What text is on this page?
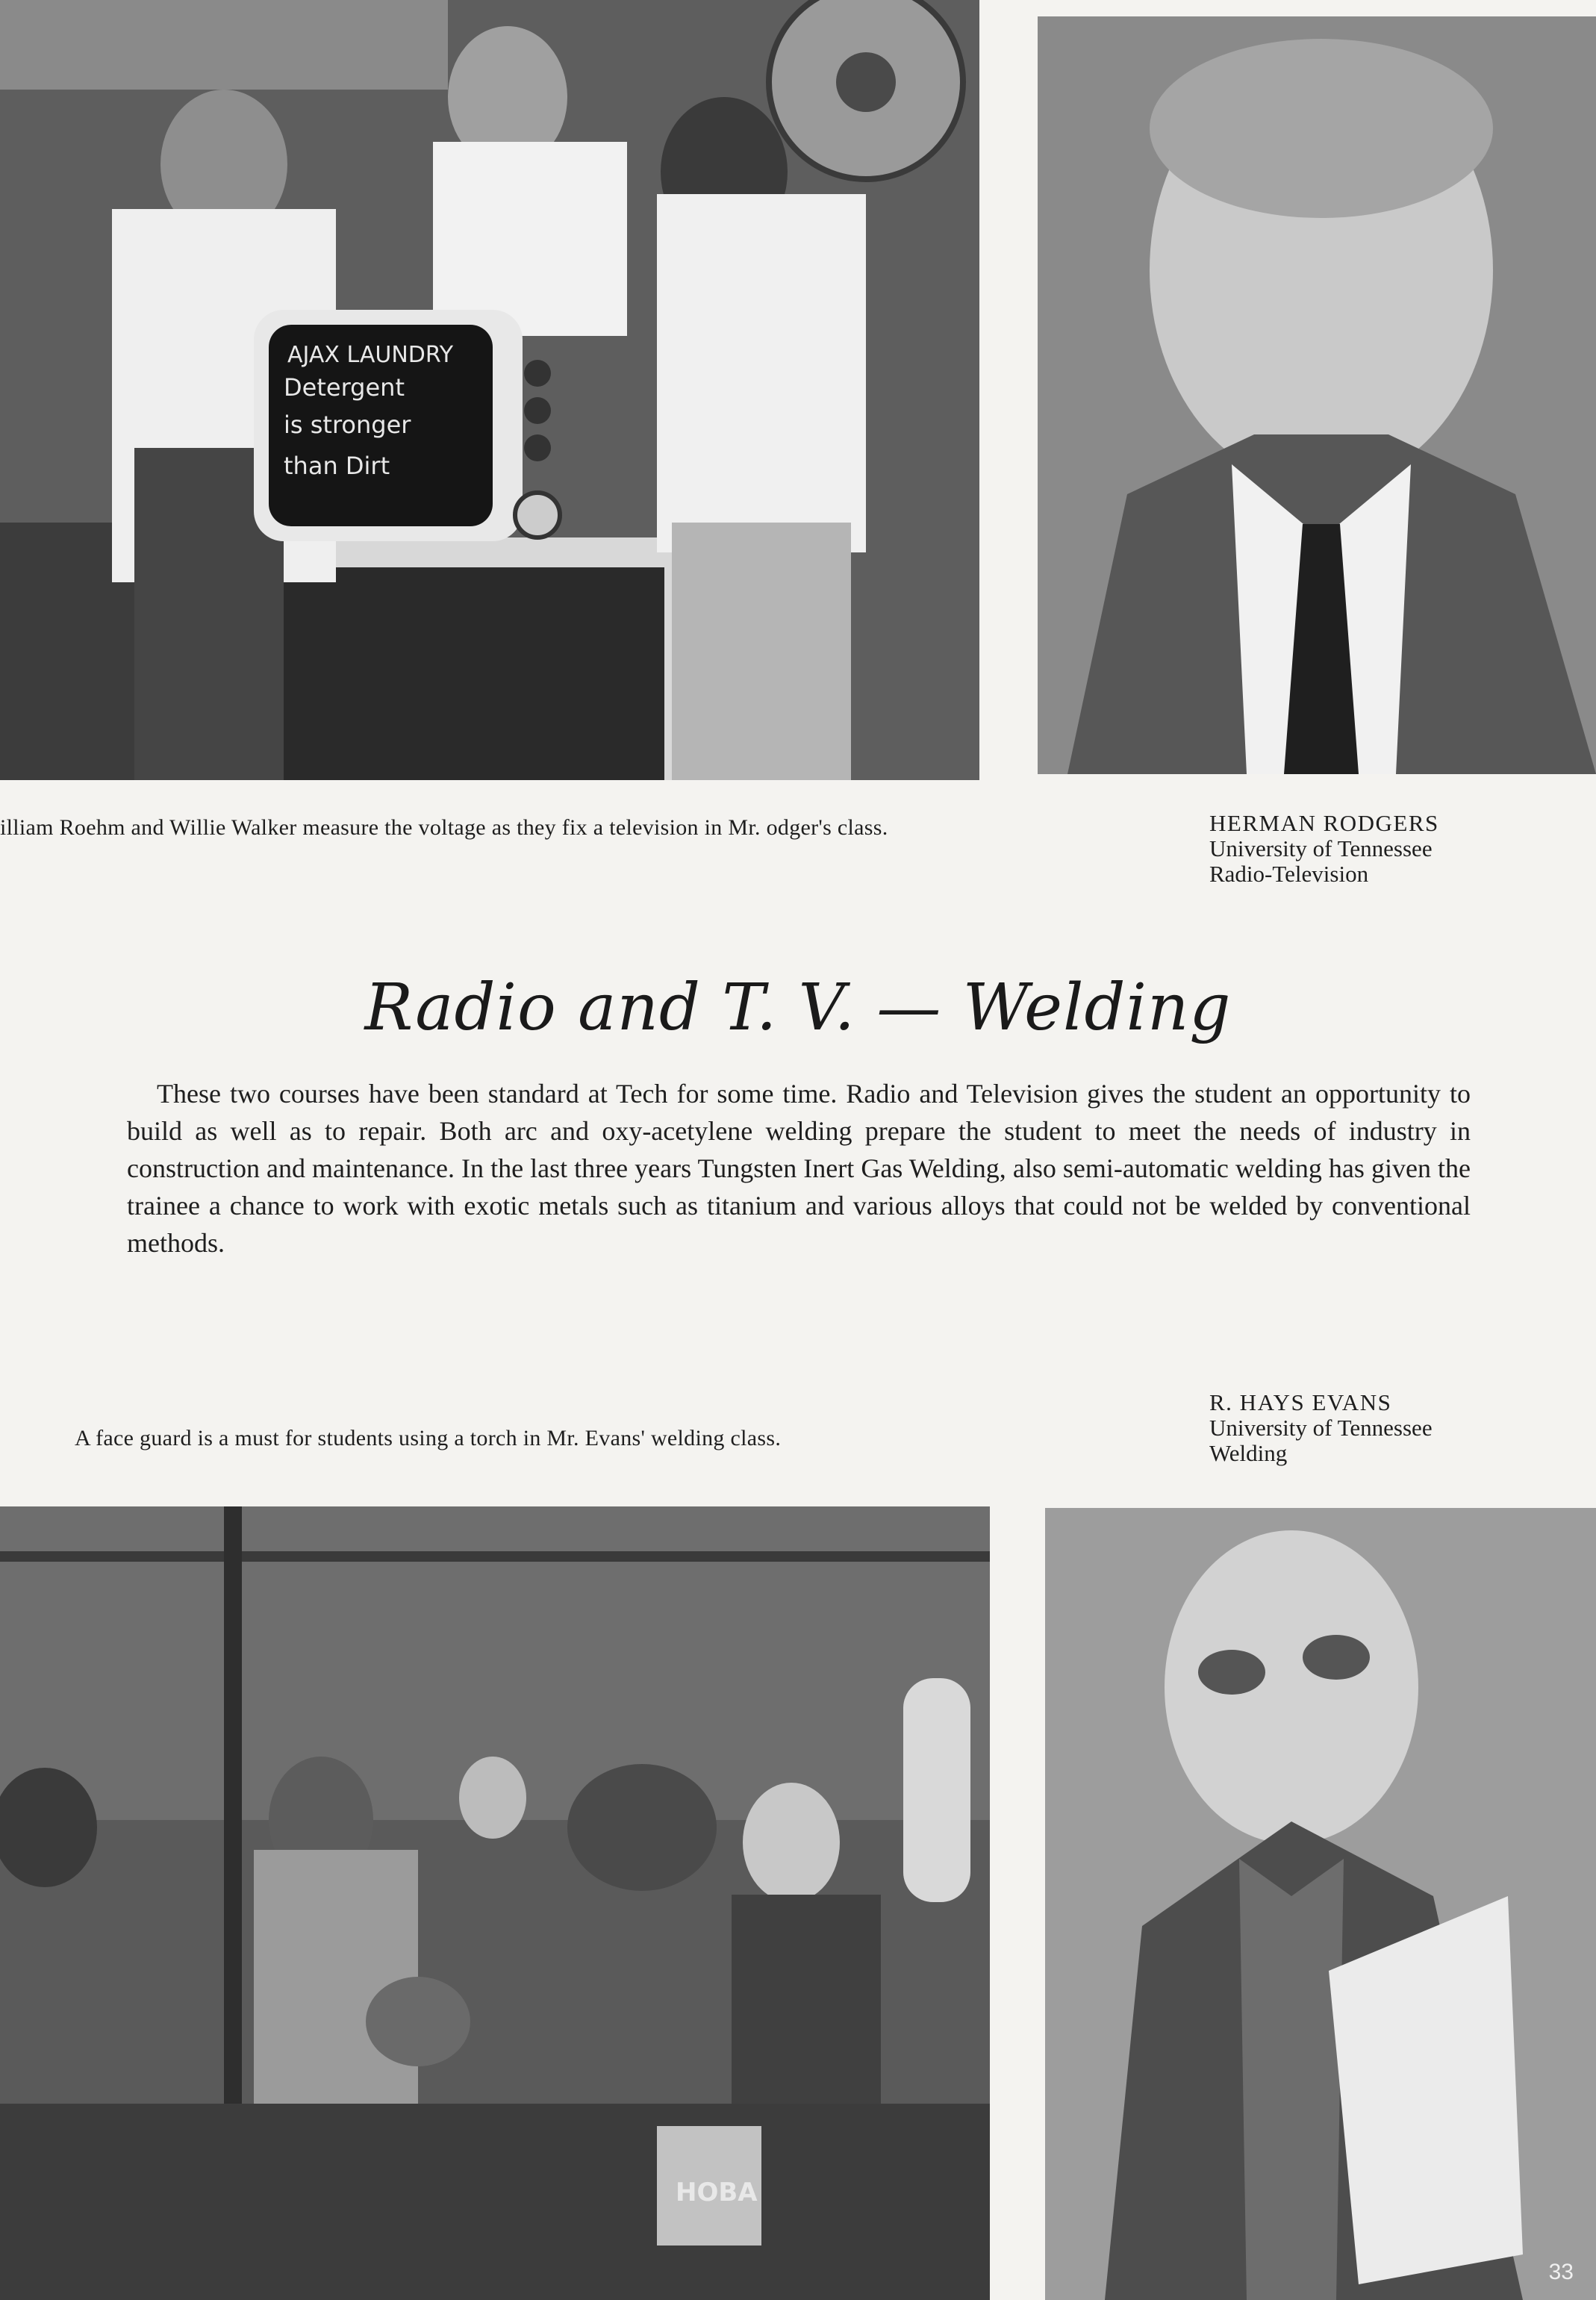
AJAX LAUNDRY
Detergent
is stronger
than Dirt
illiam Roehm and Willie Walker measure the voltage as they fix a television in Mr. odger's class.	HERMAN RODGERS
University of Tennessee
Radio-Television
Radio and T. V. — Welding
These two courses have been standard at Tech for some time. Radio and Television gives the student an opportunity to build as well as to repair. Both arc and oxy-acetylene welding prepare the student to meet the needs of industry in construction and maintenance. In the last three years Tungsten Inert Gas Welding, also semi-automatic welding has given the trainee a chance to work with exotic metals such as titanium and various alloys that could not be welded by conventional methods.
A face guard is a must for students using a torch in Mr. Evans' welding class.
R. HAYS EVANS
University of Tennessee
Welding
HOBA
33
